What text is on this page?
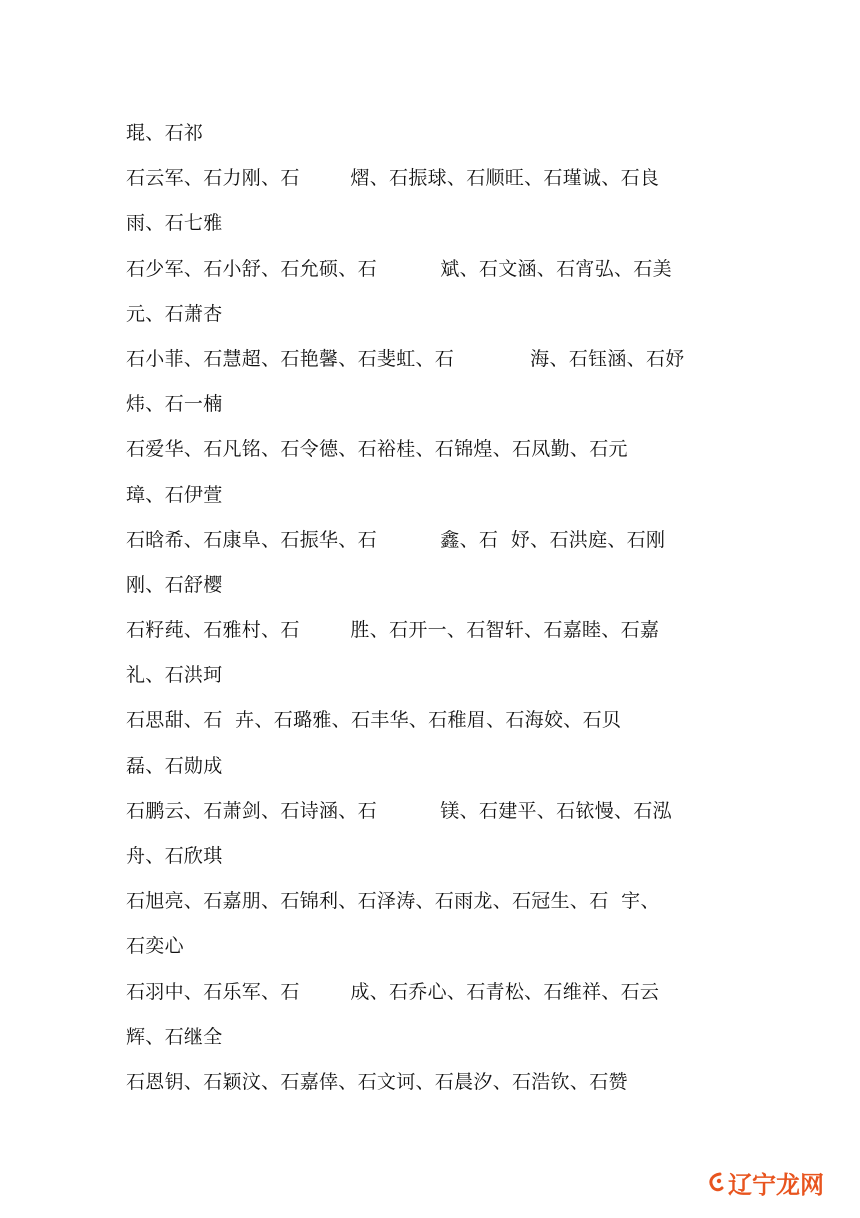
琨、石祁
石云军、石力刚、石        熠、石振球、石顺旺、石瑾诚、石良
雨、石七雅
石少军、石小舒、石允硕、石          斌、石文涵、石宵弘、石美
元、石萧杏
石小菲、石慧超、石艳馨、石斐虹、石            海、石钰涵、石妤
炜、石一楠
石爱华、石凡铭、石令德、石裕桂、石锦煌、石凤勤、石元
璋、石伊萱
石晗希、石康阜、石振华、石          鑫、石  妤、石洪庭、石刚
刚、石舒樱
石籽莼、石雅村、石        胜、石开一、石智轩、石嘉睦、石嘉
礼、石洪珂
石思甜、石  卉、石璐雅、石丰华、石稚眉、石海姣、石贝
磊、石勋成
石鹏云、石萧剑、石诗涵、石          镁、石建平、石铱慢、石泓
舟、石欣琪
石旭亮、石嘉朋、石锦利、石泽涛、石雨龙、石冠生、石  宇、
石奕心
石羽中、石乐军、石        成、石乔心、石青松、石维祥、石云
辉、石继全
石恩钥、石颖汶、石嘉倖、石文诃、石晨汐、石浩钦、石赞
辽宁龙网
